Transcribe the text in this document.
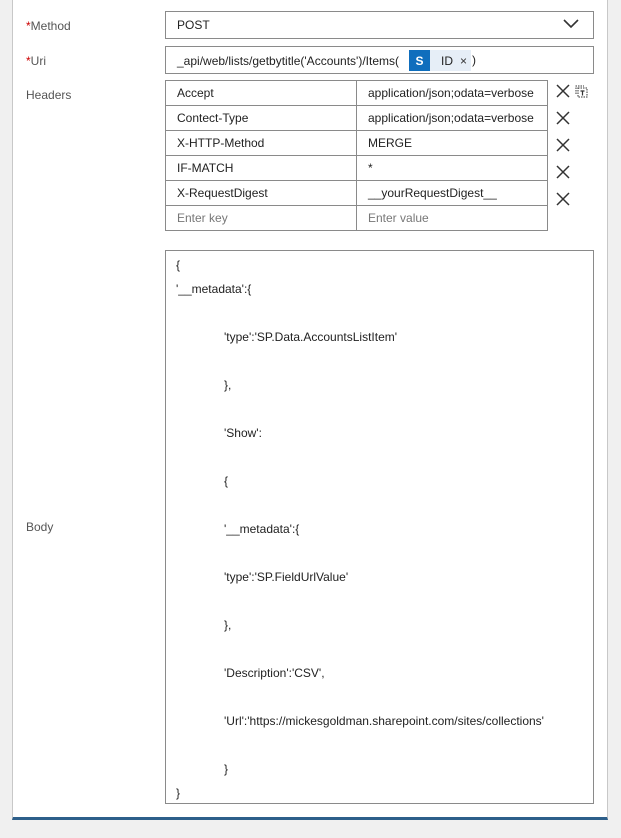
*Method	POST
*Uri	_api/web/lists/getbytitle('Accounts')/Items(	S	ID × )
Headers	Accept	application/json;odata=verbose
Contect-Type	application/json;odata=verbose
X-HTTP-Method	MERGE
IF-MATCH	*
X-RequestDigest	__yourRequestDigest__
Enter key	Enter value
Body
{
'__metadata':{
'type':'SP.Data.AccountsListItem'
},
'Show':
{
'__metadata':{
'type':'SP.FieldUrlValue'
},
'Description':'CSV',
'Url':'https://mickesgoldman.sharepoint.com/sites/collections'
}
}
